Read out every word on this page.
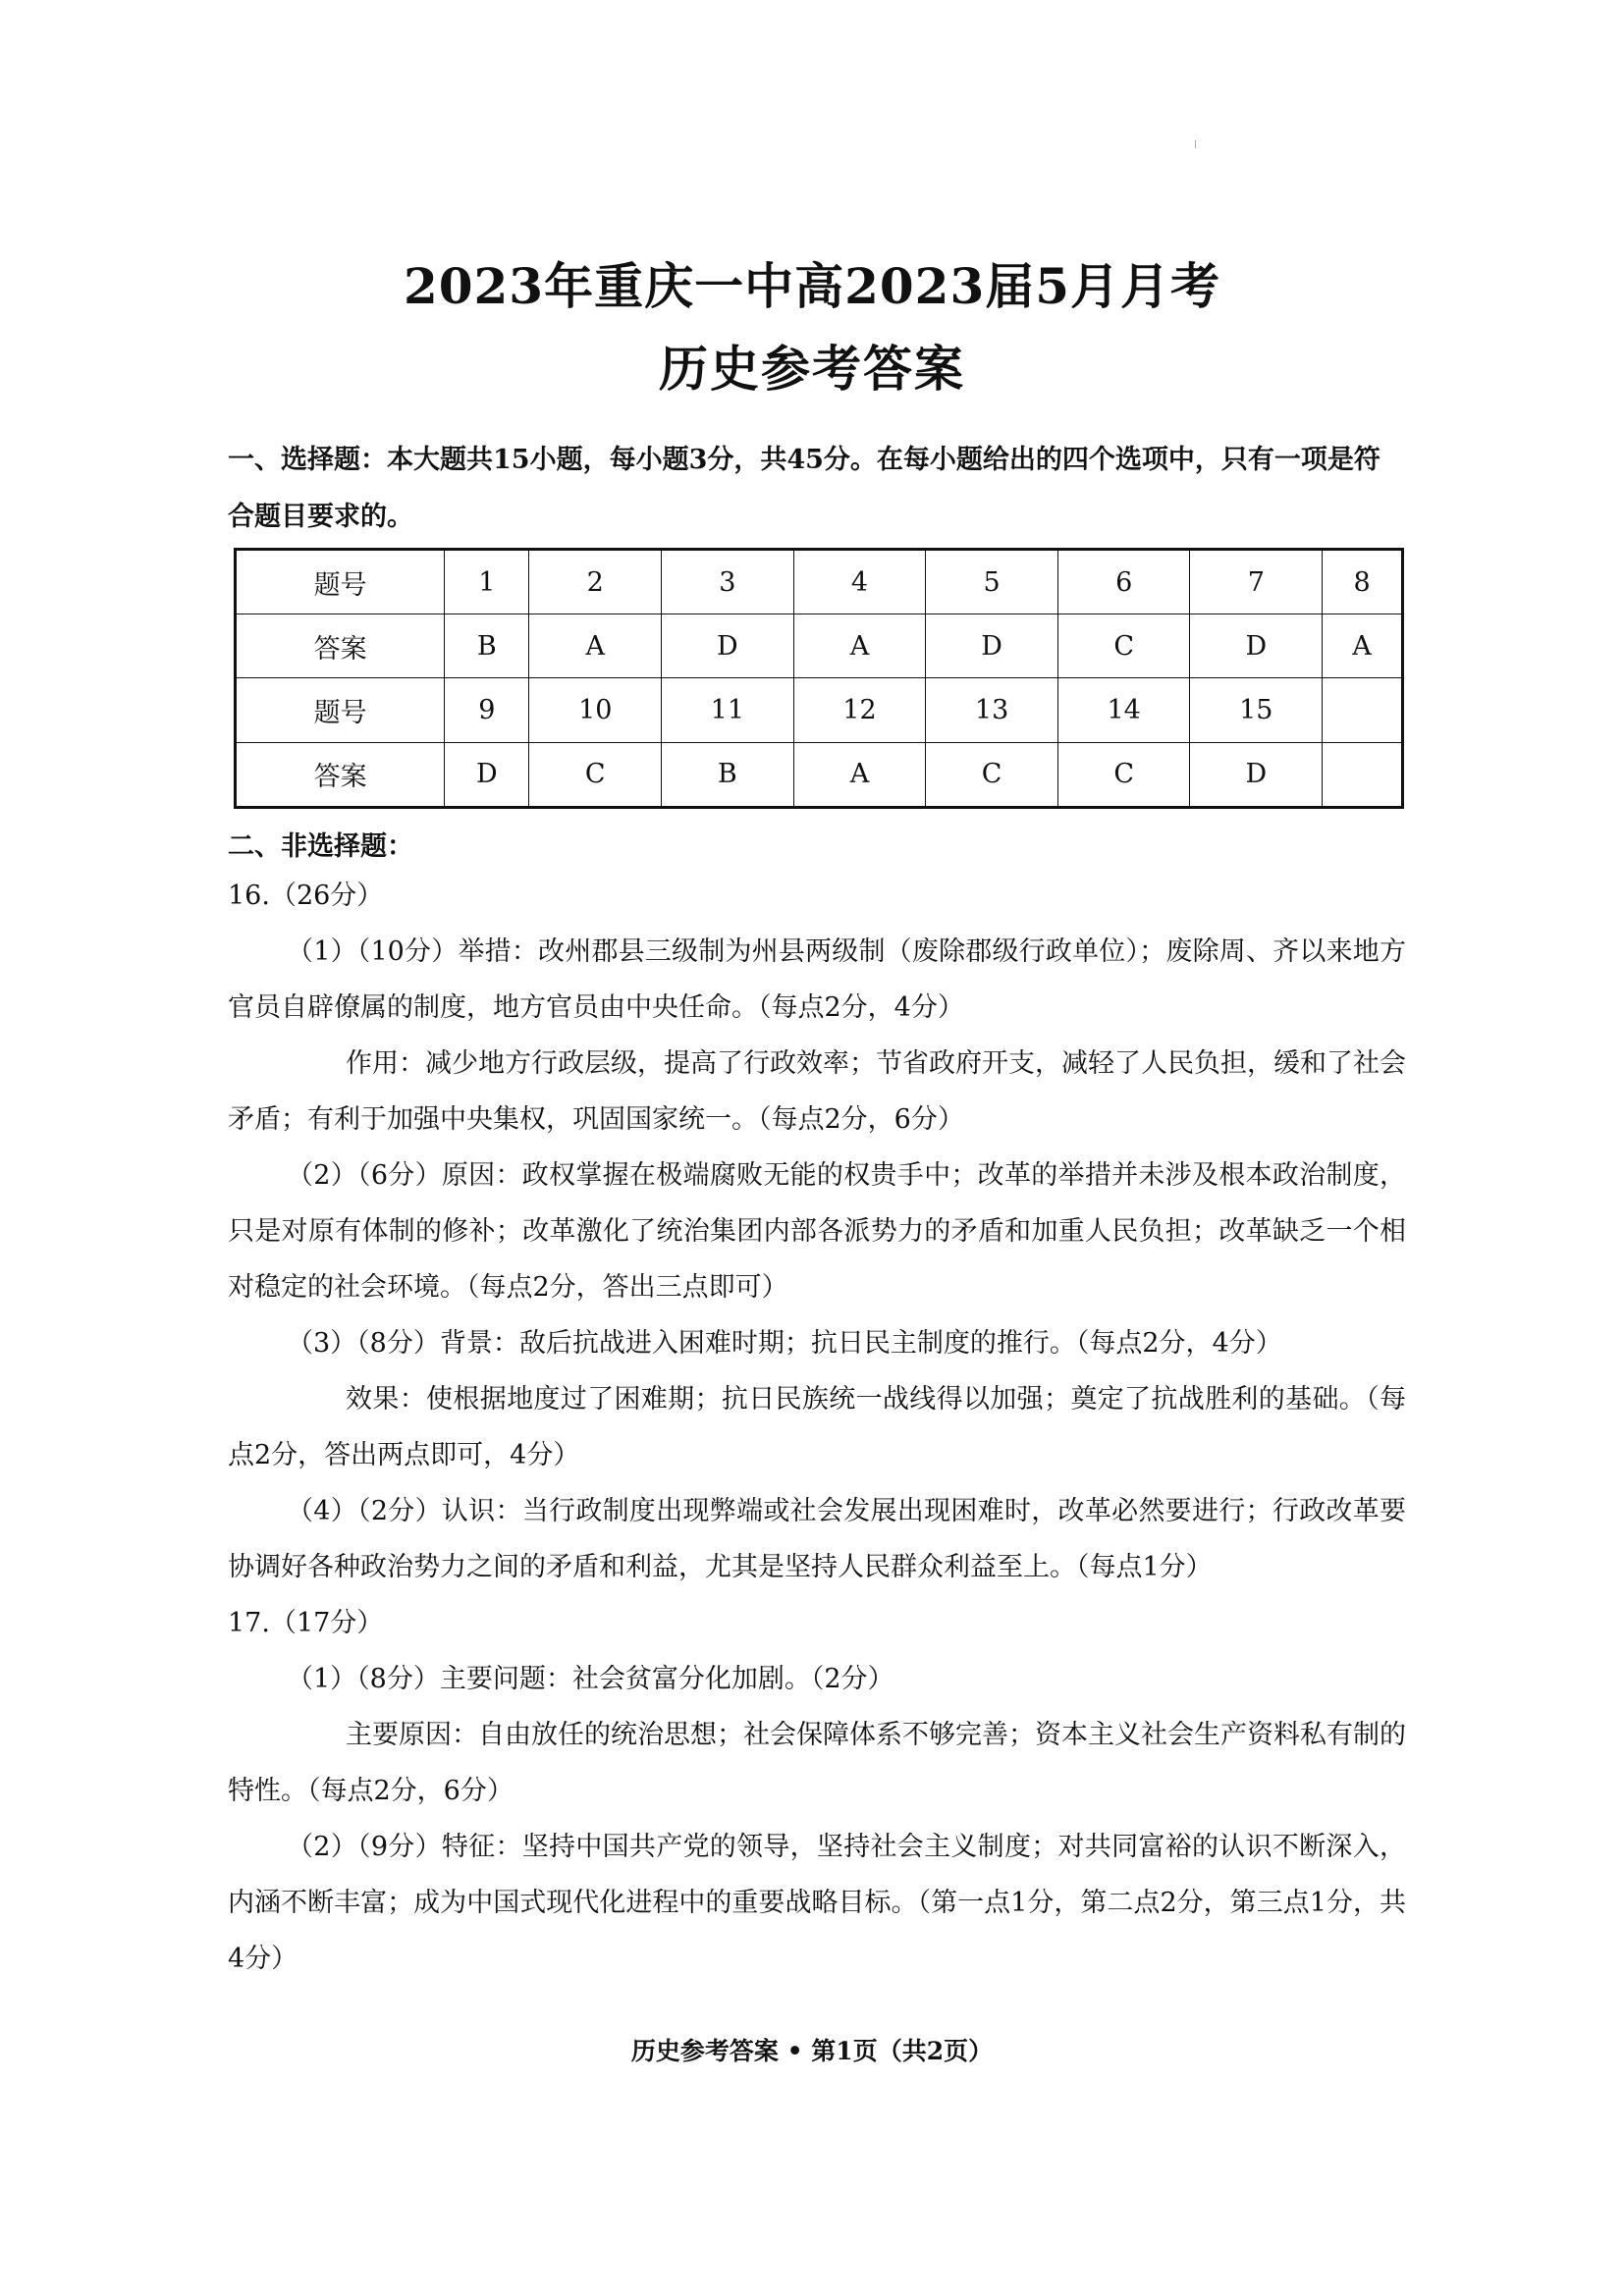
2023年重庆一中高2023届5月月考
历史参考答案
一、选择题：本大题共15小题，每小题3分，共45分。在每小题给出的四个选项中，只有一项是符合题目要求的。
题号	1	2	3	4	5	6	7	8
答案	B	A	D	A	D	C	D	A
题号	9	10	11	12	13	14	15	
答案	D	C	B	A	C	C	D	
二、非选择题：
16.（26分）
（1）（10分）举措：改州郡县三级制为州县两级制（废除郡级行政单位）；废除周、齐以来地方官员自辟僚属的制度，地方官员由中央任命。（每点2分，4分）
作用：减少地方行政层级，提高了行政效率；节省政府开支，减轻了人民负担，缓和了社会矛盾；有利于加强中央集权，巩固国家统一。（每点2分，6分）
（2）（6分）原因：政权掌握在极端腐败无能的权贵手中；改革的举措并未涉及根本政治制度，只是对原有体制的修补；改革激化了统治集团内部各派势力的矛盾和加重人民负担；改革缺乏一个相对稳定的社会环境。（每点2分，答出三点即可）
（3）（8分）背景：敌后抗战进入困难时期；抗日民主制度的推行。（每点2分，4分）
效果：使根据地度过了困难期；抗日民族统一战线得以加强；奠定了抗战胜利的基础。（每点2分，答出两点即可，4分）
（4）（2分）认识：当行政制度出现弊端或社会发展出现困难时，改革必然要进行；行政改革要协调好各种政治势力之间的矛盾和利益，尤其是坚持人民群众利益至上。（每点1分）
17.（17分）
（1）（8分）主要问题：社会贫富分化加剧。（2分）
主要原因：自由放任的统治思想；社会保障体系不够完善；资本主义社会生产资料私有制的特性。（每点2分，6分）
（2）（9分）特征：坚持中国共产党的领导，坚持社会主义制度；对共同富裕的认识不断深入，内涵不断丰富；成为中国式现代化进程中的重要战略目标。（第一点1分，第二点2分，第三点1分，共4分）
历史参考答案 • 第1页（共2页）
